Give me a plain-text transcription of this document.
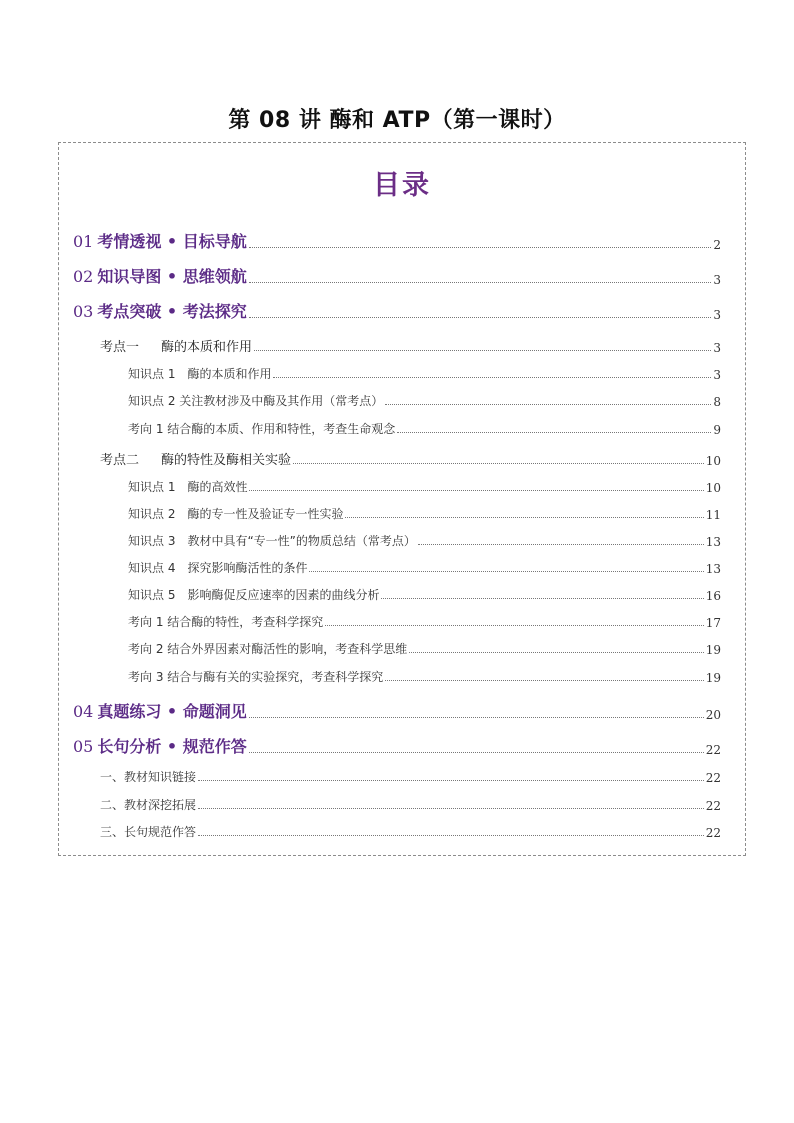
第 08 讲 酶和 ATP（第一课时）
目录
01 考情透视 • 目标导航	2
02 知识导图 • 思维领航	3
03 考点突破 • 考法探究	3
考点一 酶的本质和作用	3
知识点 1 酶的本质和作用	3
知识点 2 关注教材涉及中酶及其作用（常考点）	8
考向 1 结合酶的本质、作用和特性，考查生命观念	9
考点二 酶的特性及酶相关实验	10
知识点 1 酶的高效性	10
知识点 2 酶的专一性及验证专一性实验	11
知识点 3 教材中具有“专一性”的物质总结（常考点）	13
知识点 4 探究影响酶活性的条件	13
知识点 5 影响酶促反应速率的因素的曲线分析	16
考向 1 结合酶的特性，考查科学探究	17
考向 2 结合外界因素对酶活性的影响，考查科学思维	19
考向 3 结合与酶有关的实验探究，考查科学探究	19
04 真题练习 • 命题洞见	20
05 长句分析 • 规范作答	22
一、教材知识链接	22
二、教材深挖拓展	22
三、长句规范作答	22
